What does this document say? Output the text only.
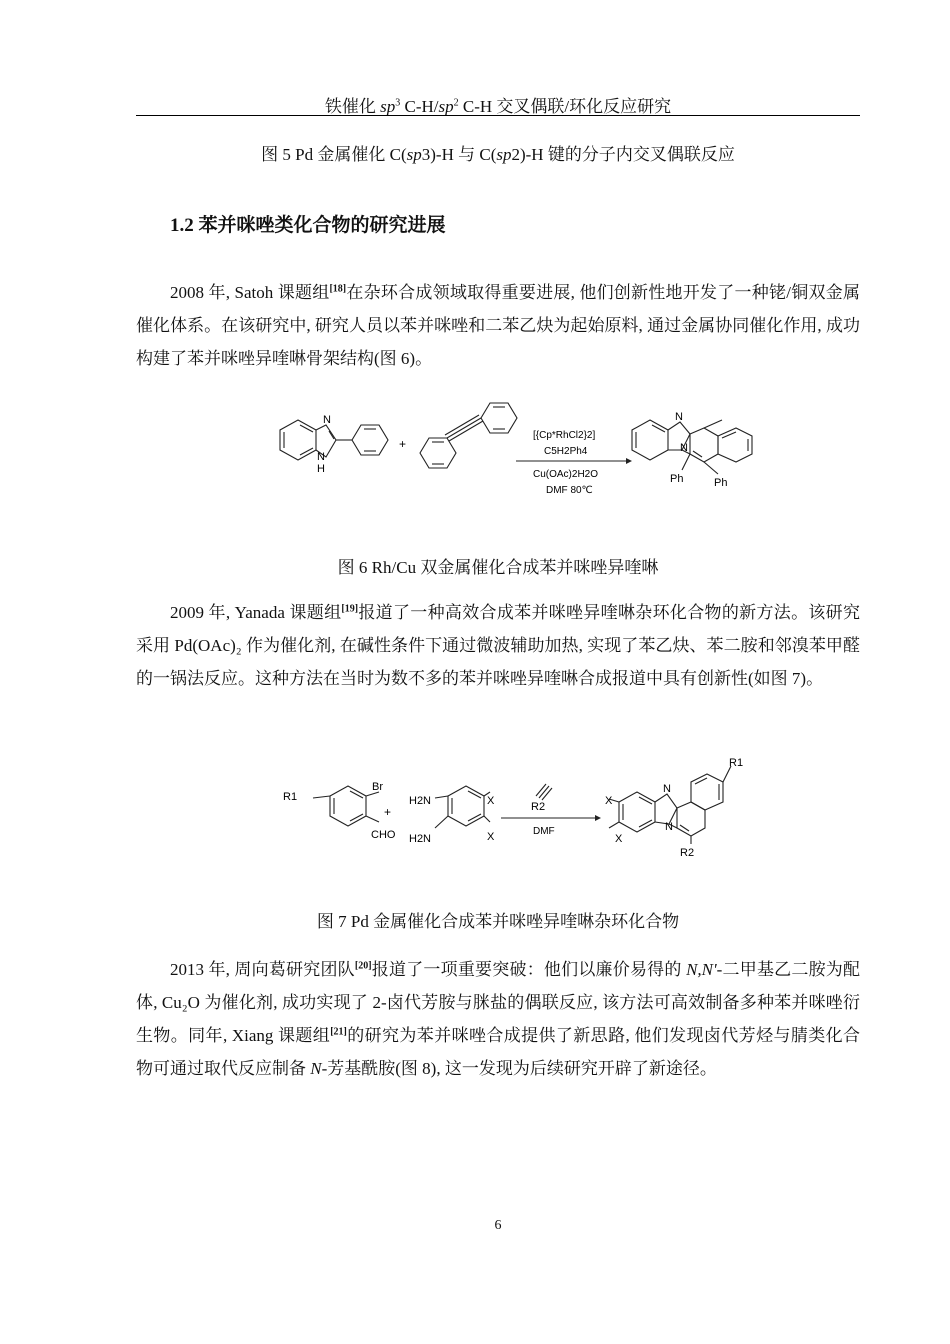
铁催化 $sp^3$ $C-H/sp^2$ C-H 交叉偶联/环化反应研究
图 5 Pd 金属催化 C(sp3)-H 与 C(sp2)-H 键的分子内交叉偶联反应
1.2 苯并咪唑类化合物的研究进展

2008 年, Satoh 课题组[18]在杂环合成领域取得重要进展, 他们创新性地开发了一种铑/铜双金属催化体系。在该研究中, 研究人员以苯并咪唑和二苯乙炔为起始原料, 通过金属协同催化作用, 成功构建了苯并咪唑异喹啉骨架结构(图 6)。

N
N
H
+
[{Cp*RhCl2}2]
C5H2Ph4
Cu(OAc)2H2O
DMF 80℃
N
N
Ph	Ph
图 6 Rh/Cu 双金属催化合成苯并咪唑异喹啉

2009 年, Yanada 课题组[19]报道了一种高效合成苯并咪唑异喹啉杂环化合物的新方法。该研究采用 Pd(OAc)₂ 作为催化剂, 在碱性条件下通过微波辅助加热, 实现了苯乙炔、苯二胺和邻溴苯甲醛的一锅法反应。这种方法在当时为数不多的苯并咪唑异喹啉合成报道中具有创新性(如图 7)。

R1
Br
CHO
+
H2N
H2N
X
X
R2
DMF
X
X
N
N
R1
R2
图 7 Pd 金属催化合成苯并咪唑异喹啉杂环化合物

2013 年, 周向葛研究团队[20]报道了一项重要突破：他们以廉价易得的 N,N'-二甲基乙二胺为配体, Cu₂O 为催化剂, 成功实现了 2-卤代芳胺与脒盐的偶联反应, 该方法可高效制备多种苯并咪唑衍生物。同年, Xiang 课题组[21]的研究为苯并咪唑合成提供了新思路, 他们发现卤代芳烃与腈类化合物可通过取代反应制备 N-芳基酰胺(图 8), 这一发现为后续研究开辟了新途径。

6
